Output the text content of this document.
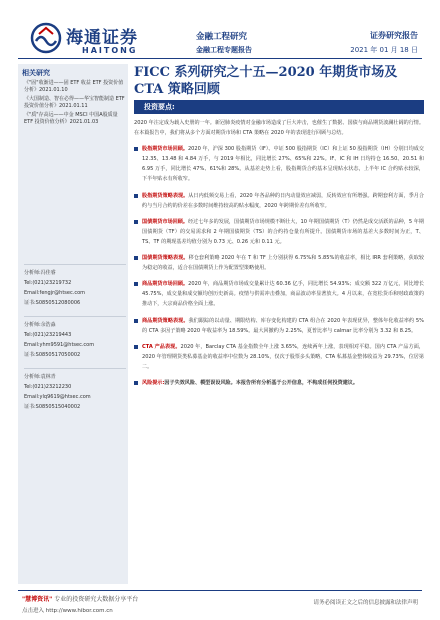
海通证券
HAITONG
金融工程研究
金融工程专题报告
证券研究报告
2021 年 01 月 18 日
相关研究
《"固"收渐进——固 ETF 收益 ETF 投资价值分析》2021.01.10
《大国制造、智在必得——华宝智能制造 ETF 投资价值分析》2021.01.11
《"质"存高远——中金 MSCI 中国A股质量 ETF 投资价值分析》2021.01.03
分析师:冯佳睿
Tel:(021)23219732
Email:fengjr@htsec.com
证书:S0850512080006
分析师:余浩淼
Tel:(021)23219443
Email:yhm9591@htsec.com
证书:S0850517050002
分析师:袁林青
Tel:(021)23212230
Email:ylq9619@htsec.com
证书:S0850515040002
FICC 系列研究之十五—2020 年期货市场及 CTA 策略回顾
投资要点:

2020 年注定成为载入史册的一年。新冠肺炎疫情对金融市场造成了巨大冲击，也催生了数据、国债与商品期货波澜壮阔的行情。在本篇报告中，我们将从多个方面对期货市场和 CTA 策略在 2020 年的表现进行回顾与总结。

股指期货市场回顾。2020 年，沪深 300 股指期货（IF）、中证 500 股指期货（IC）和上证 50 股指期货（IH）分别日均成交 12.35、13.48 和 4.84 万手，与 2019 年相比，同比增长 27%、65%和 22%。IF、IC 和 IH 日均持仓 16.50、20.51 和 6.95 万手，同比增长 47%、61%和 28%。从基差走势上看，股指期货合约基本呈现贴水状态，上半年 IC 合约贴水较深，下半年贴水有所收窄。
股指期货策略表现。从日内低频交易上看，2020 年各品种的日内动量效应减弱，反转效应有所增强。跨期套利方面，季月合约与当月合约的价差在多数时间维持较高的贴水幅度，2020 年跨期价差有所收窄。
国债期货市场回顾。经过七年多的发展，国债期货市场规模不断壮大，10 年期国债期货（T）仍然是成交活跃的品种，5 年期国债期货（TF）的交易需求和 2 年期国债期货（TS）的合约持仓量有所提升。国债期货市场的基差大多数时间为正，T、TS、TF 的期现基差均值分别为 0.73 元、0.26 元和 0.11 元。
国债期货策略表现。移仓套利策略 2020 年在 T 和 TF 上分别获得 6.75%和 5.85%的收益率，相比 IRR 套利策略，获取较为稳定的收益，适合在国债期货上作为配置型策略使用。
商品期货市场回顾。2020 年，商品期货市场成交量累计达 60.36 亿手，同比增长 54.93%；成交额 322 万亿元，同比增长 45.75%，成交量和成交额均创历史新高。疫情与供需冲击叠加，商品波动率显著放大。4 月以来，在宽松货币和财政政策的推动下，大宗商品价格全面上涨。
商品期货策略表现。我们跟踪的以动量、期限结构、库存变化构建的 CTA 组合在 2020 年表现优异，整体年化收益率约 5% 的 CTA 多因子策略 2020 年收益率为 18.59%。最大回撤约为 2.25%，夏普比率与 calmar 比率分别为 3.32 和 8.25。
CTA 产品表现。2020 年，Barclay CTA 基金指数全年上涨 3.65%，连续两年上涨，表现相对平稳。国内 CTA 产品方面，2020 年管理期货类私募基金的收益率中位数为 28.10%，仅次于股票多头策略，CTA 私募基金整体收益为 29.73%，位居第二。
风险提示:因子失效风险、模型误设风险。本报告所有分析基于公开信息，不构成任何投资建议。
"慧博资讯" 专业的投资研究大数据分享平台
点击进入 http://www.hibor.com.cn
请务必阅读正文之后的信息披露和法律声明
